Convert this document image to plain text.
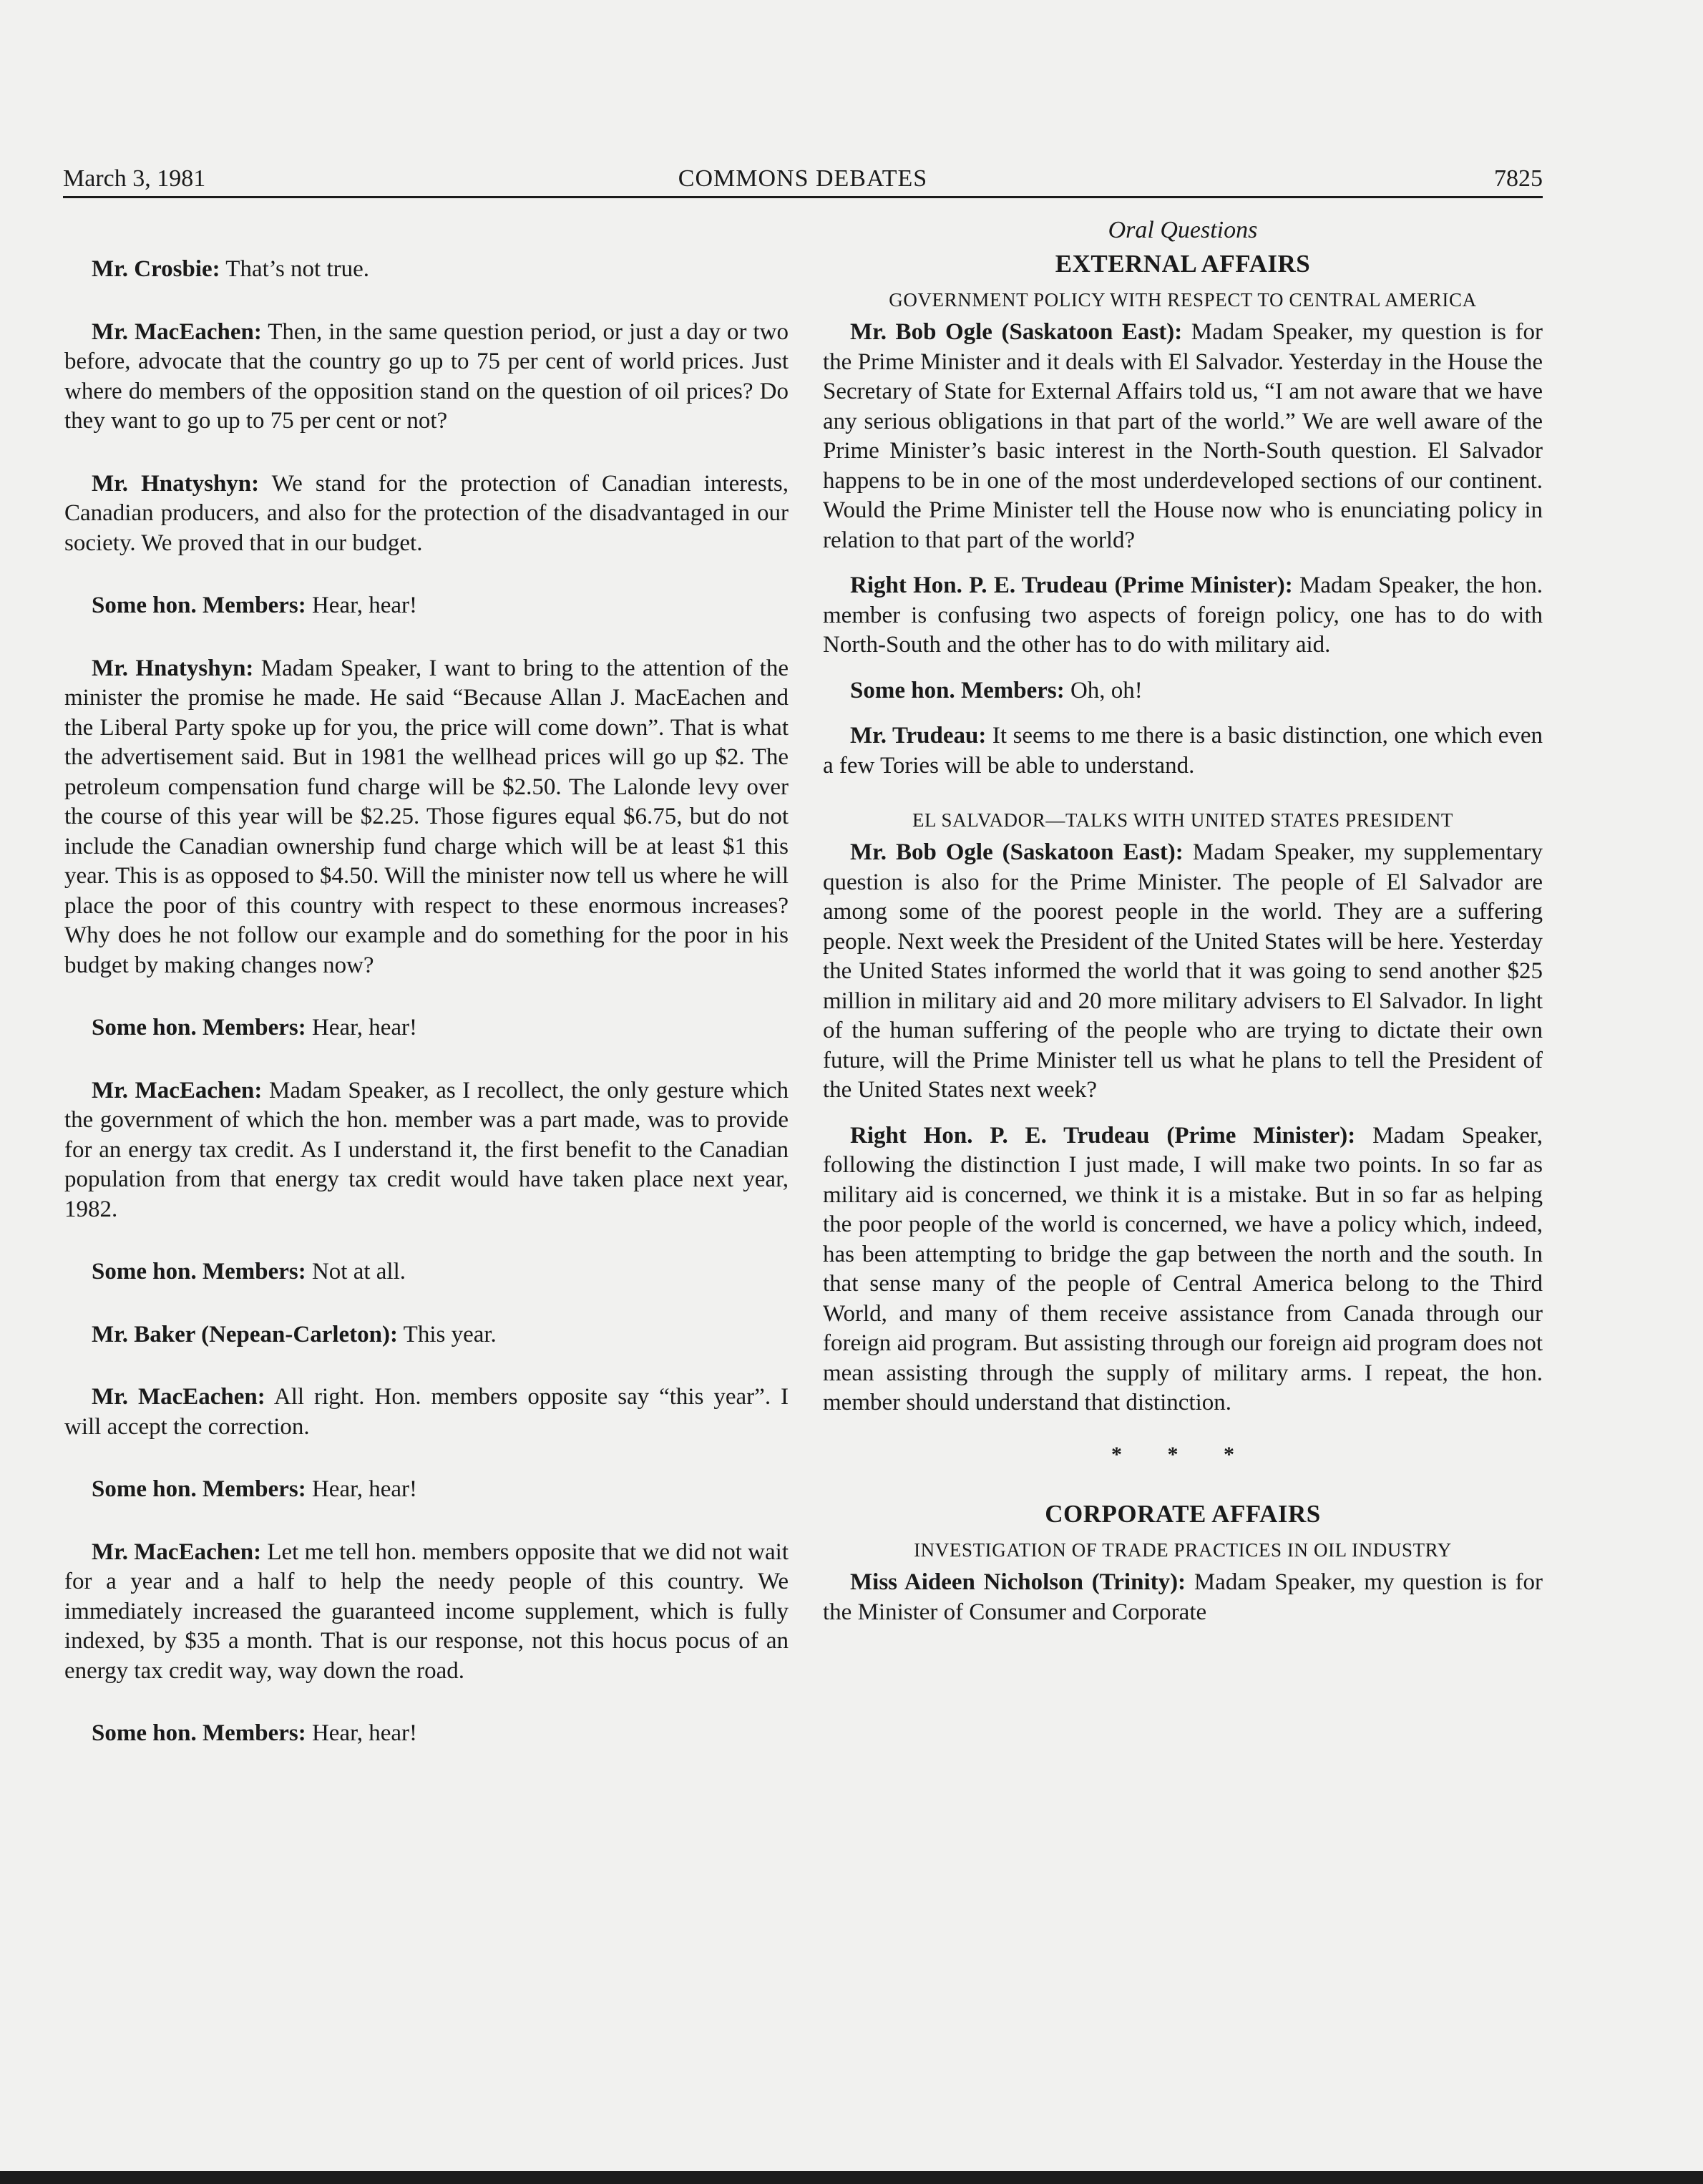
March 3, 1981	COMMONS DEBATES	7825

Mr. Crosbie: That’s not true.

Mr. MacEachen: Then, in the same question period, or just a day or two before, advocate that the country go up to 75 per cent of world prices. Just where do members of the opposition stand on the question of oil prices? Do they want to go up to 75 per cent or not?

Mr. Hnatyshyn: We stand for the protection of Canadian interests, Canadian producers, and also for the protection of the disadvantaged in our society. We proved that in our budget.

Some hon. Members: Hear, hear!

Mr. Hnatyshyn: Madam Speaker, I want to bring to the attention of the minister the promise he made. He said “Because Allan J. MacEachen and the Liberal Party spoke up for you, the price will come down”. That is what the advertisement said. But in 1981 the wellhead prices will go up $2. The petroleum compensation fund charge will be $2.50. The Lalonde levy over the course of this year will be $2.25. Those figures equal $6.75, but do not include the Canadian ownership fund charge which will be at least $1 this year. This is as opposed to $4.50. Will the minister now tell us where he will place the poor of this country with respect to these enormous increases? Why does he not follow our example and do something for the poor in his budget by making changes now?

Some hon. Members: Hear, hear!

Mr. MacEachen: Madam Speaker, as I recollect, the only gesture which the government of which the hon. member was a part made, was to provide for an energy tax credit. As I understand it, the first benefit to the Canadian population from that energy tax credit would have taken place next year, 1982.

Some hon. Members: Not at all.

Mr. Baker (Nepean-Carleton): This year.

Mr. MacEachen: All right. Hon. members opposite say “this year”. I will accept the correction.

Some hon. Members: Hear, hear!

Mr. MacEachen: Let me tell hon. members opposite that we did not wait for a year and a half to help the needy people of this country. We immediately increased the guaranteed income supplement, which is fully indexed, by $35 a month. That is our response, not this hocus pocus of an energy tax credit way, way down the road.

Some hon. Members: Hear, hear!

Oral Questions
EXTERNAL AFFAIRS
GOVERNMENT POLICY WITH RESPECT TO CENTRAL AMERICA

Mr. Bob Ogle (Saskatoon East): Madam Speaker, my question is for the Prime Minister and it deals with El Salvador. Yesterday in the House the Secretary of State for External Affairs told us, “I am not aware that we have any serious obligations in that part of the world.” We are well aware of the Prime Minister’s basic interest in the North-South question. El Salvador happens to be in one of the most underdeveloped sections of our continent. Would the Prime Minister tell the House now who is enunciating policy in relation to that part of the world?

Right Hon. P. E. Trudeau (Prime Minister): Madam Speaker, the hon. member is confusing two aspects of foreign policy, one has to do with North-South and the other has to do with military aid.

Some hon. Members: Oh, oh!

Mr. Trudeau: It seems to me there is a basic distinction, one which even a few Tories will be able to understand.

EL SALVADOR—TALKS WITH UNITED STATES PRESIDENT

Mr. Bob Ogle (Saskatoon East): Madam Speaker, my supplementary question is also for the Prime Minister. The people of El Salvador are among some of the poorest people in the world. They are a suffering people. Next week the President of the United States will be here. Yesterday the United States informed the world that it was going to send another $25 million in military aid and 20 more military advisers to El Salvador. In light of the human suffering of the people who are trying to dictate their own future, will the Prime Minister tell us what he plans to tell the President of the United States next week?

Right Hon. P. E. Trudeau (Prime Minister): Madam Speaker, following the distinction I just made, I will make two points. In so far as military aid is concerned, we think it is a mistake. But in so far as helping the poor people of the world is concerned, we have a policy which, indeed, has been attempting to bridge the gap between the north and the south. In that sense many of the people of Central America belong to the Third World, and many of them receive assistance from Canada through our foreign aid program. But assisting through our foreign aid program does not mean assisting through the supply of military arms. I repeat, the hon. member should understand that distinction.

* * *
CORPORATE AFFAIRS
INVESTIGATION OF TRADE PRACTICES IN OIL INDUSTRY

Miss Aideen Nicholson (Trinity): Madam Speaker, my question is for the Minister of Consumer and Corporate
